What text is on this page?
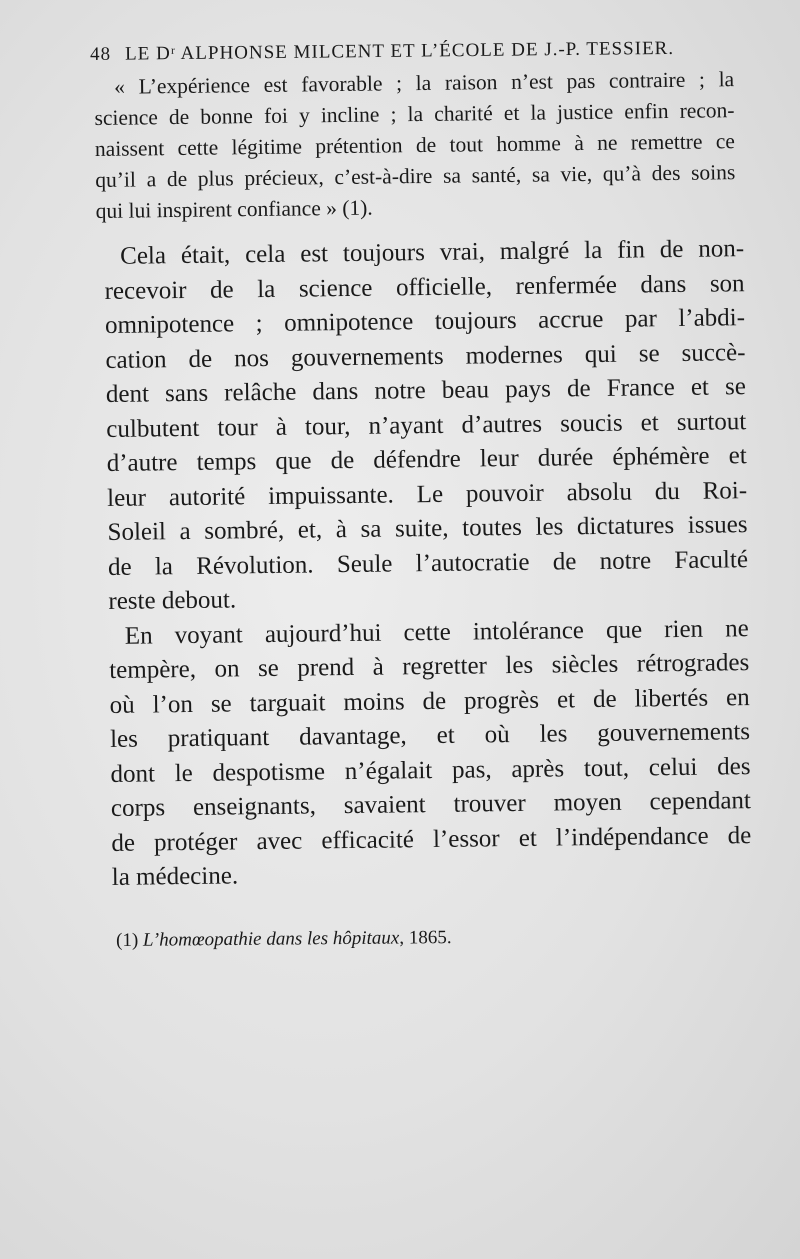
48 LE Dʳ ALPHONSE MILCENT ET L’ÉCOLE DE J.-P. TESSIER.
« L’expérience est favorable ; la raison n’est pas contraire ; la
science de bonne foi y incline ; la charité et la justice enfin recon-
naissent cette légitime prétention de tout homme à ne remettre ce
qu’il a de plus précieux, c’est-à-dire sa santé, sa vie, qu’à des soins
qui lui inspirent confiance » (1).
Cela était, cela est toujours vrai, malgré la fin de non-
recevoir de la science officielle, renfermée dans son
omnipotence ; omnipotence toujours accrue par l’abdi-
cation de nos gouvernements modernes qui se succè-
dent sans relâche dans notre beau pays de France et se
culbutent tour à tour, n’ayant d’autres soucis et surtout
d’autre temps que de défendre leur durée éphémère et
leur autorité impuissante. Le pouvoir absolu du Roi-
Soleil a sombré, et, à sa suite, toutes les dictatures issues
de la Révolution. Seule l’autocratie de notre Faculté
reste debout.
En voyant aujourd’hui cette intolérance que rien ne
tempère, on se prend à regretter les siècles rétrogrades
où l’on se targuait moins de progrès et de libertés en
les pratiquant davantage, et où les gouvernements
dont le despotisme n’égalait pas, après tout, celui des
corps enseignants, savaient trouver moyen cependant
de protéger avec efficacité l’essor et l’indépendance de
la médecine.
(1) L’homœopathie dans les hôpitaux, 1865.
